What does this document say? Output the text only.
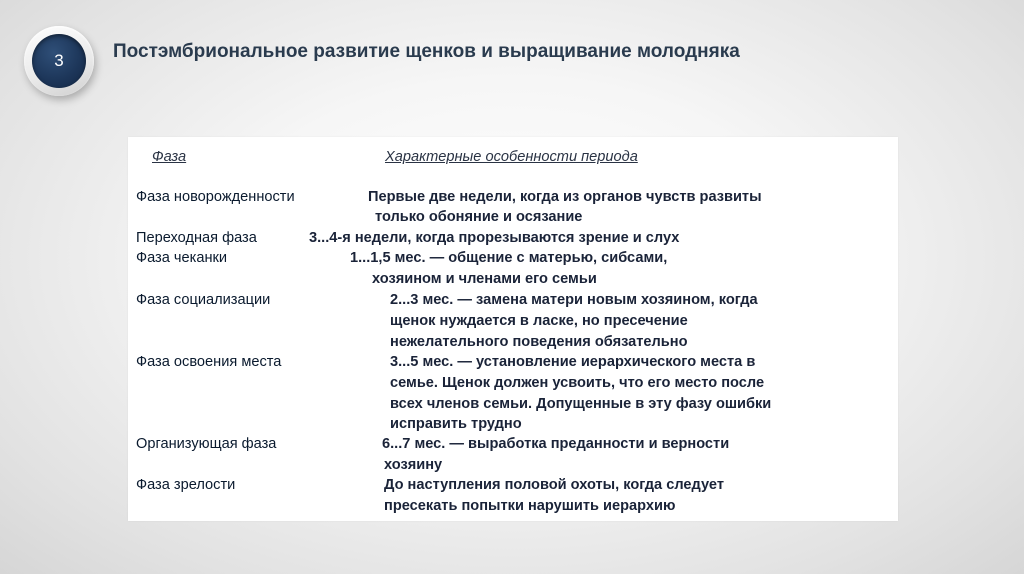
3	Постэмбриональное развитие щенков и выращивание молодняка

Фаза	Характерные особенности периода

Фаза новорожденности	Первые две недели, когда из органов чувств развиты

только обоняние и осязание

Переходная фаза	3...4-я недели, когда прорезываются зрение и слух

Фаза чеканки	1...1,5 мес. — общение с матерью, сибсами,

хозяином и членами его семьи

Фаза социализации	2...3 мес. — замена матери новым хозяином, когда

щенок нуждается в ласке, но пресечение

нежелательного поведения обязательно

Фаза освоения места	3...5 мес. — установление иерархического места в

семье. Щенок должен усвоить, что его место после

всех членов семьи. Допущенные в эту фазу ошибки

исправить трудно

Организующая фаза	6...7 мес. — выработка преданности и верности

хозяину

Фаза зрелости	До наступления половой охоты, когда следует

пресекать попытки нарушить иерархию
